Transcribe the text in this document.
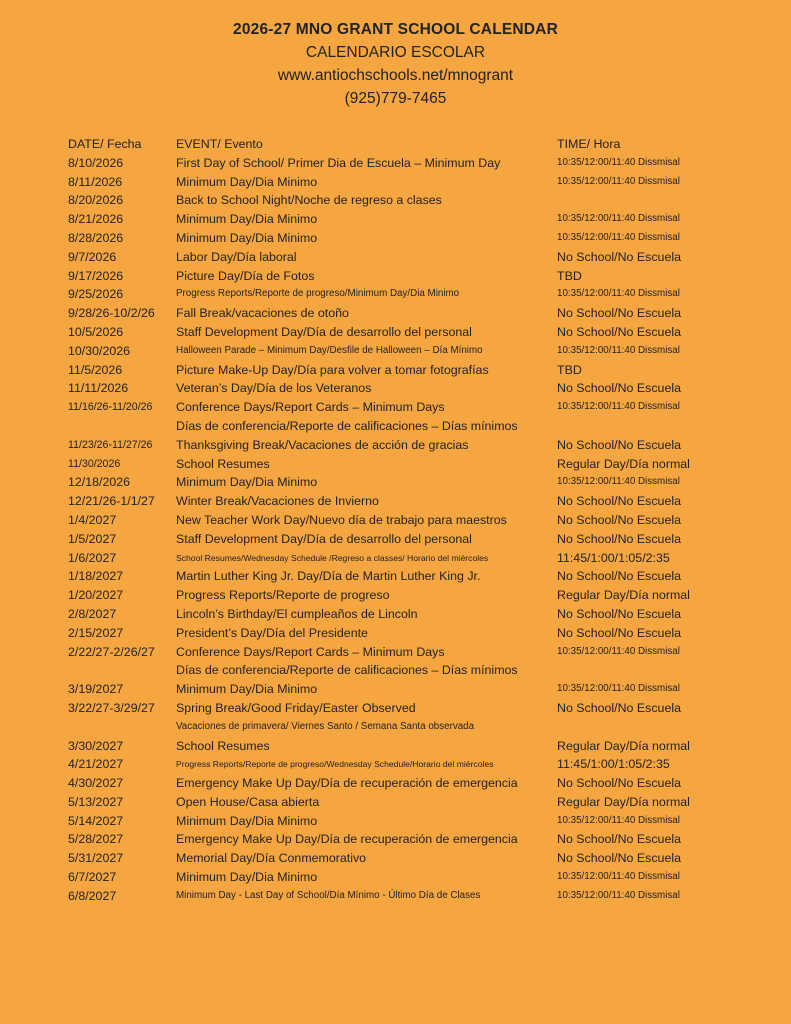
2026-27 MNO GRANT SCHOOL CALENDAR
CALENDARIO ESCOLAR
www.antiochschools.net/mnogrant
(925)779-7465
DATE/ Fecha	EVENT/ Evento	TIME/ Hora
8/10/2026	First Day of School/ Primer Dia de Escuela – Minimum Day	10:35/12:00/11:40 Dissmisal
8/11/2026	Minimum Day/Dia Minimo	10:35/12:00/11:40 Dissmisal
8/20/2026	Back to School Night/Noche de regreso a clases
8/21/2026	Minimum Day/Dia Minimo	10:35/12:00/11:40 Dissmisal
8/28/2026	Minimum Day/Dia Minimo	10:35/12:00/11:40 Dissmisal
9/7/2026	Labor Day/Día laboral	No School/No Escuela
9/17/2026	Picture Day/Día de Fotos	TBD
9/25/2026	Progress Reports/Reporte de progreso/Minimum Day/Dia Minimo	10:35/12:00/11:40 Dissmisal
9/28/26-10/2/26	Fall Break/vacaciones de otoño	No School/No Escuela
10/5/2026	Staff Development Day/Día de desarrollo del personal	No School/No Escuela
10/30/2026	Halloween Parade – Minimum Day/Desfile de Halloween – Día Mínimo	10:35/12:00/11:40 Dissmisal
11/5/2026	Picture Make-Up Day/Día para volver a tomar fotografías	TBD
11/11/2026	Veteran’s Day/Día de los Veteranos	No School/No Escuela
11/16/26-11/20/26	Conference Days/Report Cards – Minimum Days	10:35/12:00/11:40 Dissmisal
Días de conferencia/Reporte de calificaciones – Días mínimos
11/23/26-11/27/26	Thanksgiving Break/Vacaciones de acción de gracias	No School/No Escuela
11/30/2026	School Resumes	Regular Day/Día normal
12/18/2026	Minimum Day/Dia Minimo	10:35/12:00/11:40 Dissmisal
12/21/26-1/1/27	Winter Break/Vacaciones de Invierno	No School/No Escuela
1/4/2027	New Teacher Work Day/Nuevo día de trabajo para maestros	No School/No Escuela
1/5/2027	Staff Development Day/Día de desarrollo del personal	No School/No Escuela
1/6/2027	School Resumes/Wednesday Schedule /Regreso a classes/ Horario del miércoles	11:45/1:00/1:05/2:35
1/18/2027	Martin Luther King Jr. Day/Día de Martin Luther King Jr.	No School/No Escuela
1/20/2027	Progress Reports/Reporte de progreso	Regular Day/Día normal
2/8/2027	Lincoln’s Birthday/El cumpleaños de Lincoln	No School/No Escuela
2/15/2027	President’s Day/Día del Presidente	No School/No Escuela
2/22/27-2/26/27	Conference Days/Report Cards – Minimum Days	10:35/12:00/11:40 Dissmisal
Días de conferencia/Reporte de calificaciones – Días mínimos
3/19/2027	Minimum Day/Dia Minimo	10:35/12:00/11:40 Dissmisal
3/22/27-3/29/27	Spring Break/Good Friday/Easter Observed	No School/No Escuela
Vacaciones de primavera/ Viernes Santo / Semana Santa observada
3/30/2027	School Resumes	Regular Day/Día normal
4/21/2027	Progress Reports/Reporte de progreso/Wednesday Schedule/Horario del miércoles	11:45/1:00/1:05/2:35
4/30/2027	Emergency Make Up Day/Día de recuperación de emergencia	No School/No Escuela
5/13/2027	Open House/Casa abierta	Regular Day/Día normal
5/14/2027	Minimum Day/Dia Minimo	10:35/12:00/11:40 Dissmisal
5/28/2027	Emergency Make Up Day/Día de recuperación de emergencia	No School/No Escuela
5/31/2027	Memorial Day/Día Conmemorativo	No School/No Escuela
6/7/2027	Minimum Day/Dia Minimo	10:35/12:00/11:40 Dissmisal
6/8/2027	Minimum Day - Last Day of School/Día Mínimo - Último Día de Clases	10:35/12:00/11:40 Dissmisal
